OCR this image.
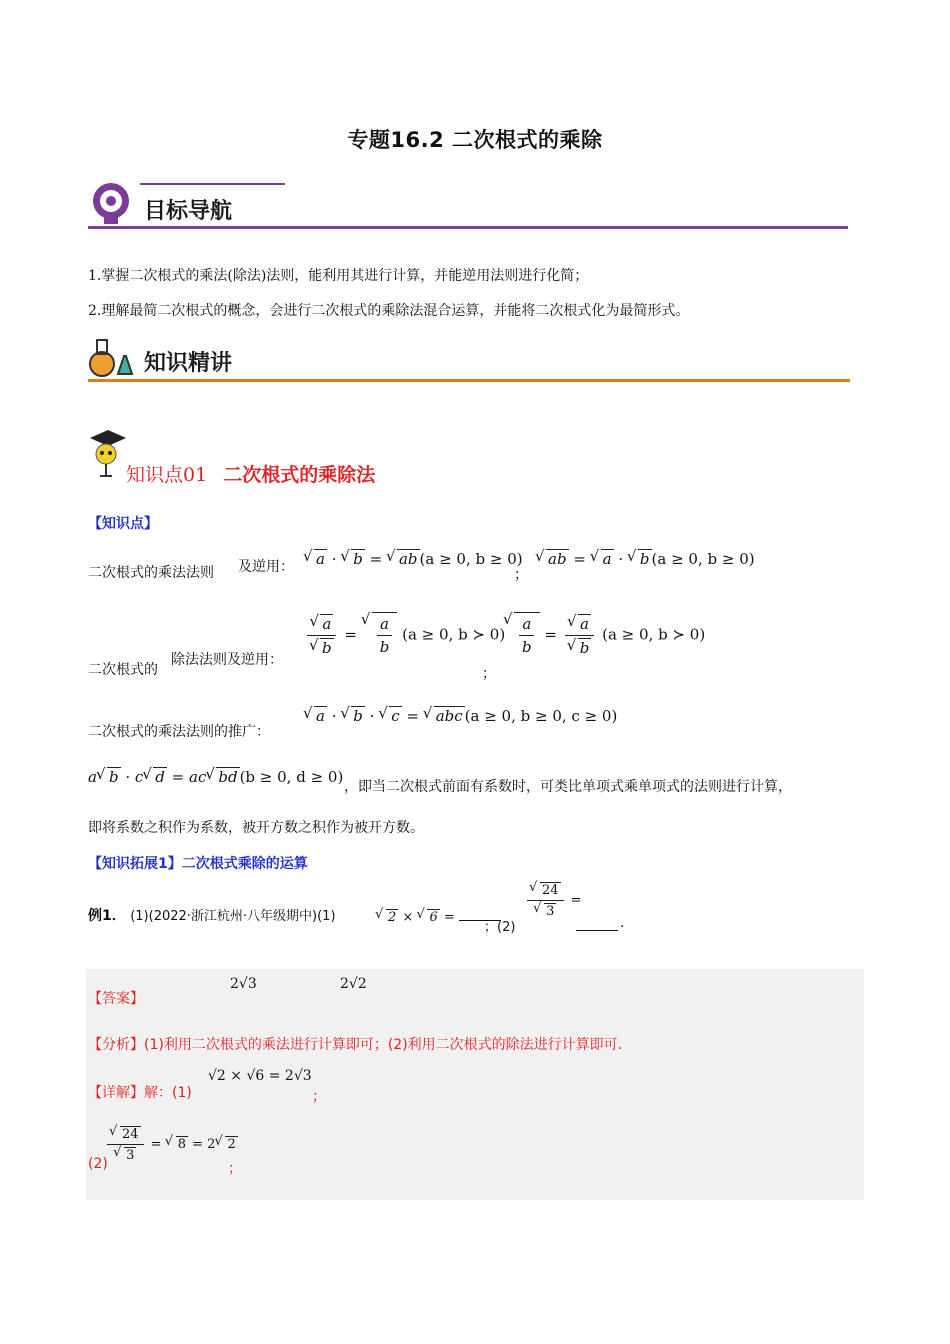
专题16.2 二次根式的乘除
目标导航
1.掌握二次根式的乘法(除法)法则，能利用其进行计算，并能逆用法则进行化简；
2.理解最简二次根式的概念，会进行二次根式的乘除法混合运算，并能将二次根式化为最简形式。
知识精讲
知识点01 二次根式的乘除法
【知识点】
二次根式的乘法法则 及逆用：	√ a · √ b = √ ab (a ≥ 0, b ≥ 0)
；
√ ab = √ a · √ b (a ≥ 0, b ≥ 0)
二次根式的
除法法则及逆用：
√ a
√ b = √ $\frac{a}{b} (a \ge 0$, b ≻ 0)
；
√ $\frac{a}{b}$ = √ a
√ b (a ≥ 0, b ≻ 0)
二次根式的乘法法则的推广：
√ a · √ b · √ c = √ abc (a ≥ 0, b ≥ 0, c ≥ 0)
a √ b · c √ d = ac √ bd (b ≥ 0, d ≥ 0)
，即当二次根式前面有系数时，可类比单项式乘单项式的法则进行计算，
即将系数之积作为系数，被开方数之积作为被开方数。
【知识拓展1】二次根式乘除的运算
例1． (1)(2022·浙江杭州·八年级期中)(1)	√ 2 × √ 6 =
；(2)
√ 24
√ 3 =
.
【答案】
2√3	2√2
【分析】(1)利用二次根式的乘法进行计算即可；(2)利用二次根式的除法进行计算即可.
【详解】解：(1)
√2 × √6 = 2√3
；
(2)
√ 24
√ 3 = √ 8 = 2 √ 2
；
